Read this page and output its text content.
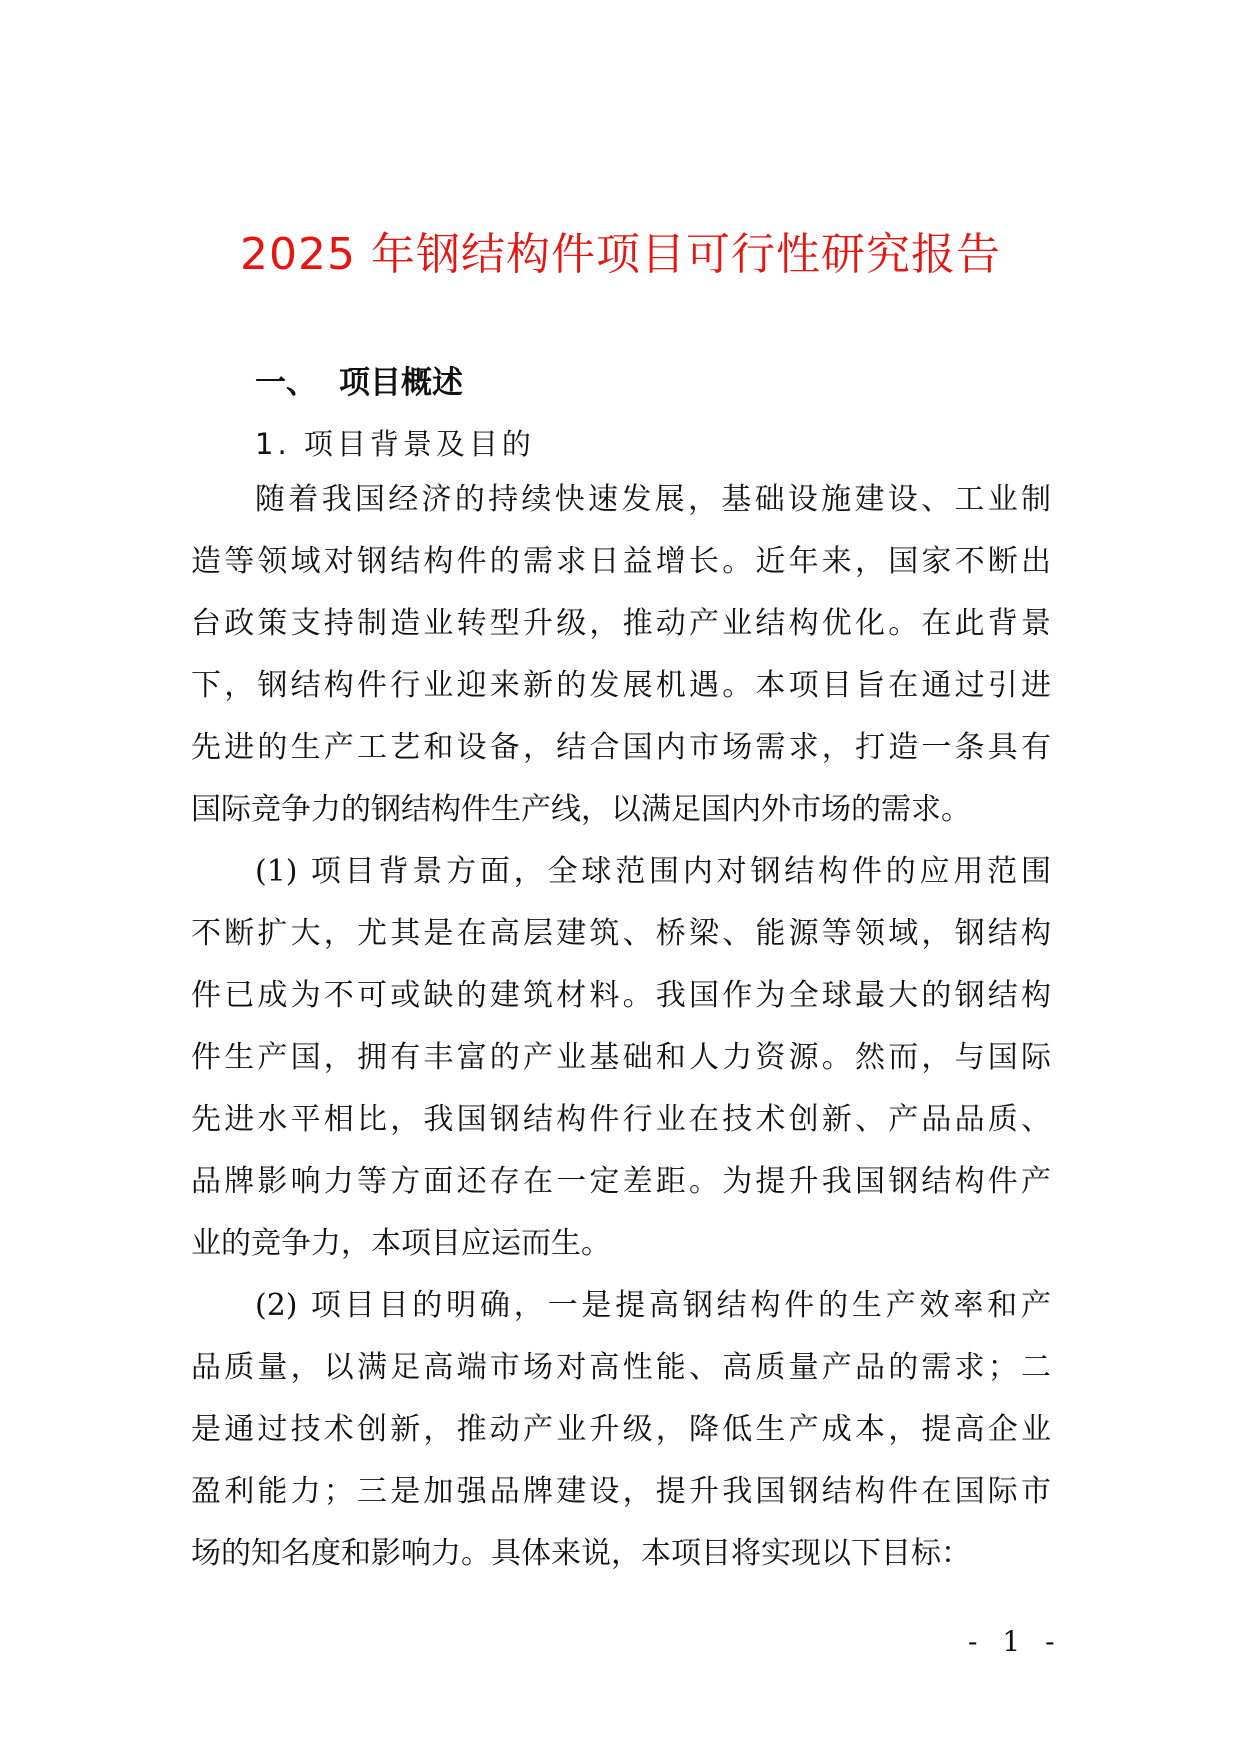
2025 年钢结构件项目可行性研究报告
一、 项目概述
1. 项目背景及目的
随着我国经济的持续快速发展，基础设施建设、工业制
造等领域对钢结构件的需求日益增长。近年来，国家不断出
台政策支持制造业转型升级，推动产业结构优化。在此背景
下，钢结构件行业迎来新的发展机遇。本项目旨在通过引进
先进的生产工艺和设备，结合国内市场需求，打造一条具有
国际竞争力的钢结构件生产线，以满足国内外市场的需求。
(1) 项目背景方面，全球范围内对钢结构件的应用范围
不断扩大，尤其是在高层建筑、桥梁、能源等领域，钢结构
件已成为不可或缺的建筑材料。我国作为全球最大的钢结构
件生产国，拥有丰富的产业基础和人力资源。然而，与国际
先进水平相比，我国钢结构件行业在技术创新、产品品质、
品牌影响力等方面还存在一定差距。为提升我国钢结构件产
业的竞争力，本项目应运而生。
(2) 项目目的明确，一是提高钢结构件的生产效率和产
品质量，以满足高端市场对高性能、高质量产品的需求；二
是通过技术创新，推动产业升级，降低生产成本，提高企业
盈利能力；三是加强品牌建设，提升我国钢结构件在国际市
场的知名度和影响力。具体来说，本项目将实现以下目标：
- 1 -
